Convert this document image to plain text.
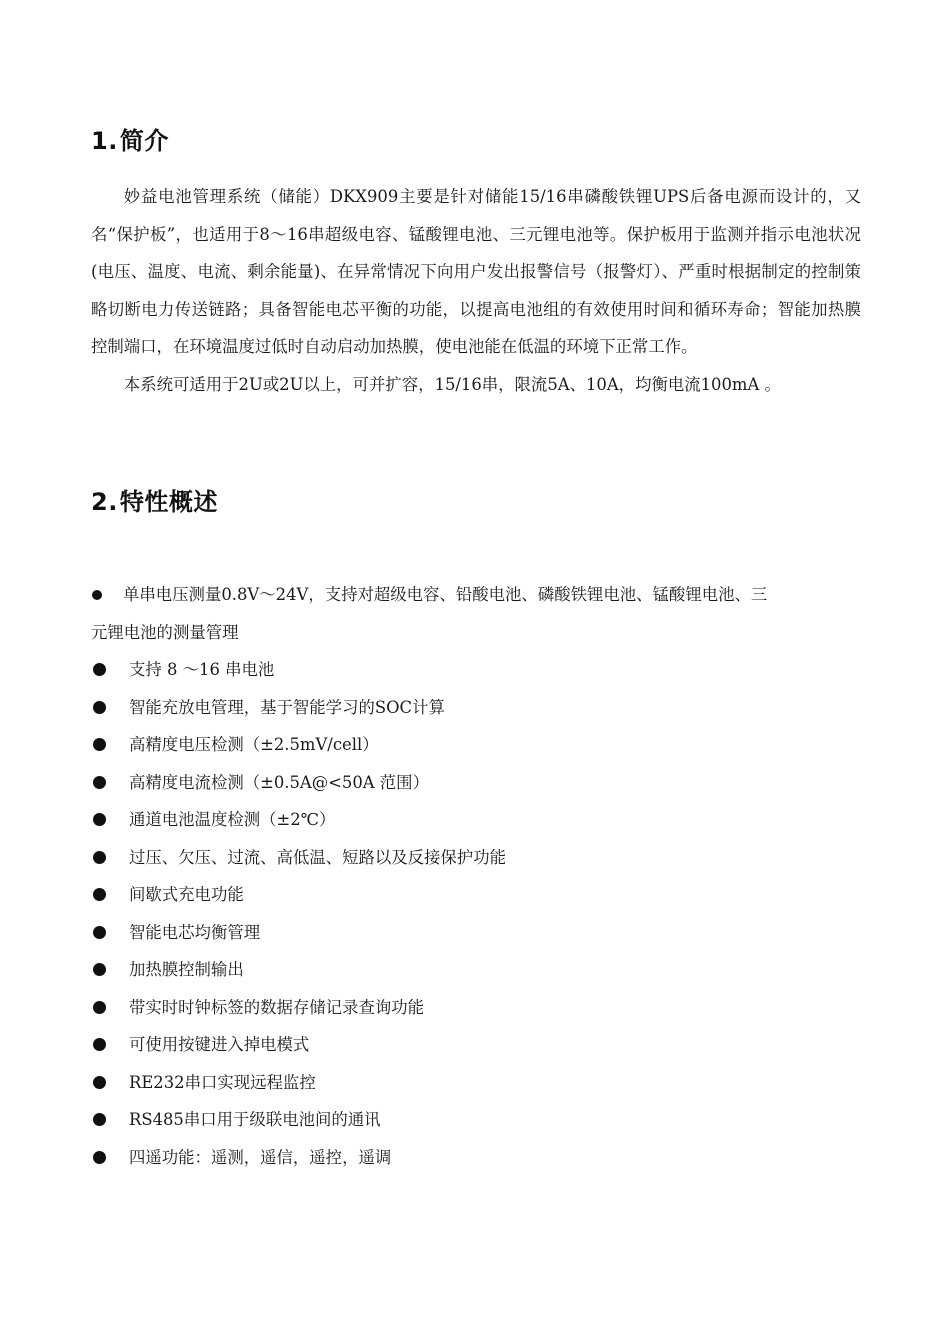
1.简介

妙益电池管理系统（储能）DKX909主要是针对储能15/16串磷酸铁锂UPS后备电源而设计的，又名“保护板”，也适用于8～16串超级电容、锰酸锂电池、三元锂电池等。保护板用于监测并指示电池状况(电压、温度、电流、剩余能量)、在异常情况下向用户发出报警信号（报警灯）、严重时根据制定的控制策略切断电力传送链路；具备智能电芯平衡的功能，以提高电池组的有效使用时间和循环寿命；智能加热膜控制端口，在环境温度过低时自动启动加热膜，使电池能在低温的环境下正常工作。

本系统可适用于2U或2U以上，可并扩容，15/16串，限流5A、10A，均衡电流100mA 。

2.特性概述
单串电压测量0.8V～24V，支持对超级电容、铅酸电池、磷酸铁锂电池、锰酸锂电池、三
元锂电池的测量管理
支持 8 ～16 串电池
智能充放电管理，基于智能学习的SOC计算
高精度电压检测（±2.5mV/cell）
高精度电流检测（±0.5A@<50A 范围）
通道电池温度检测（±2℃）
过压、欠压、过流、高低温、短路以及反接保护功能
间歇式充电功能
智能电芯均衡管理
加热膜控制输出
带实时时钟标签的数据存储记录查询功能
可使用按键进入掉电模式
RE232串口实现远程监控
RS485串口用于级联电池间的通讯
四遥功能：遥测，遥信，遥控，遥调
